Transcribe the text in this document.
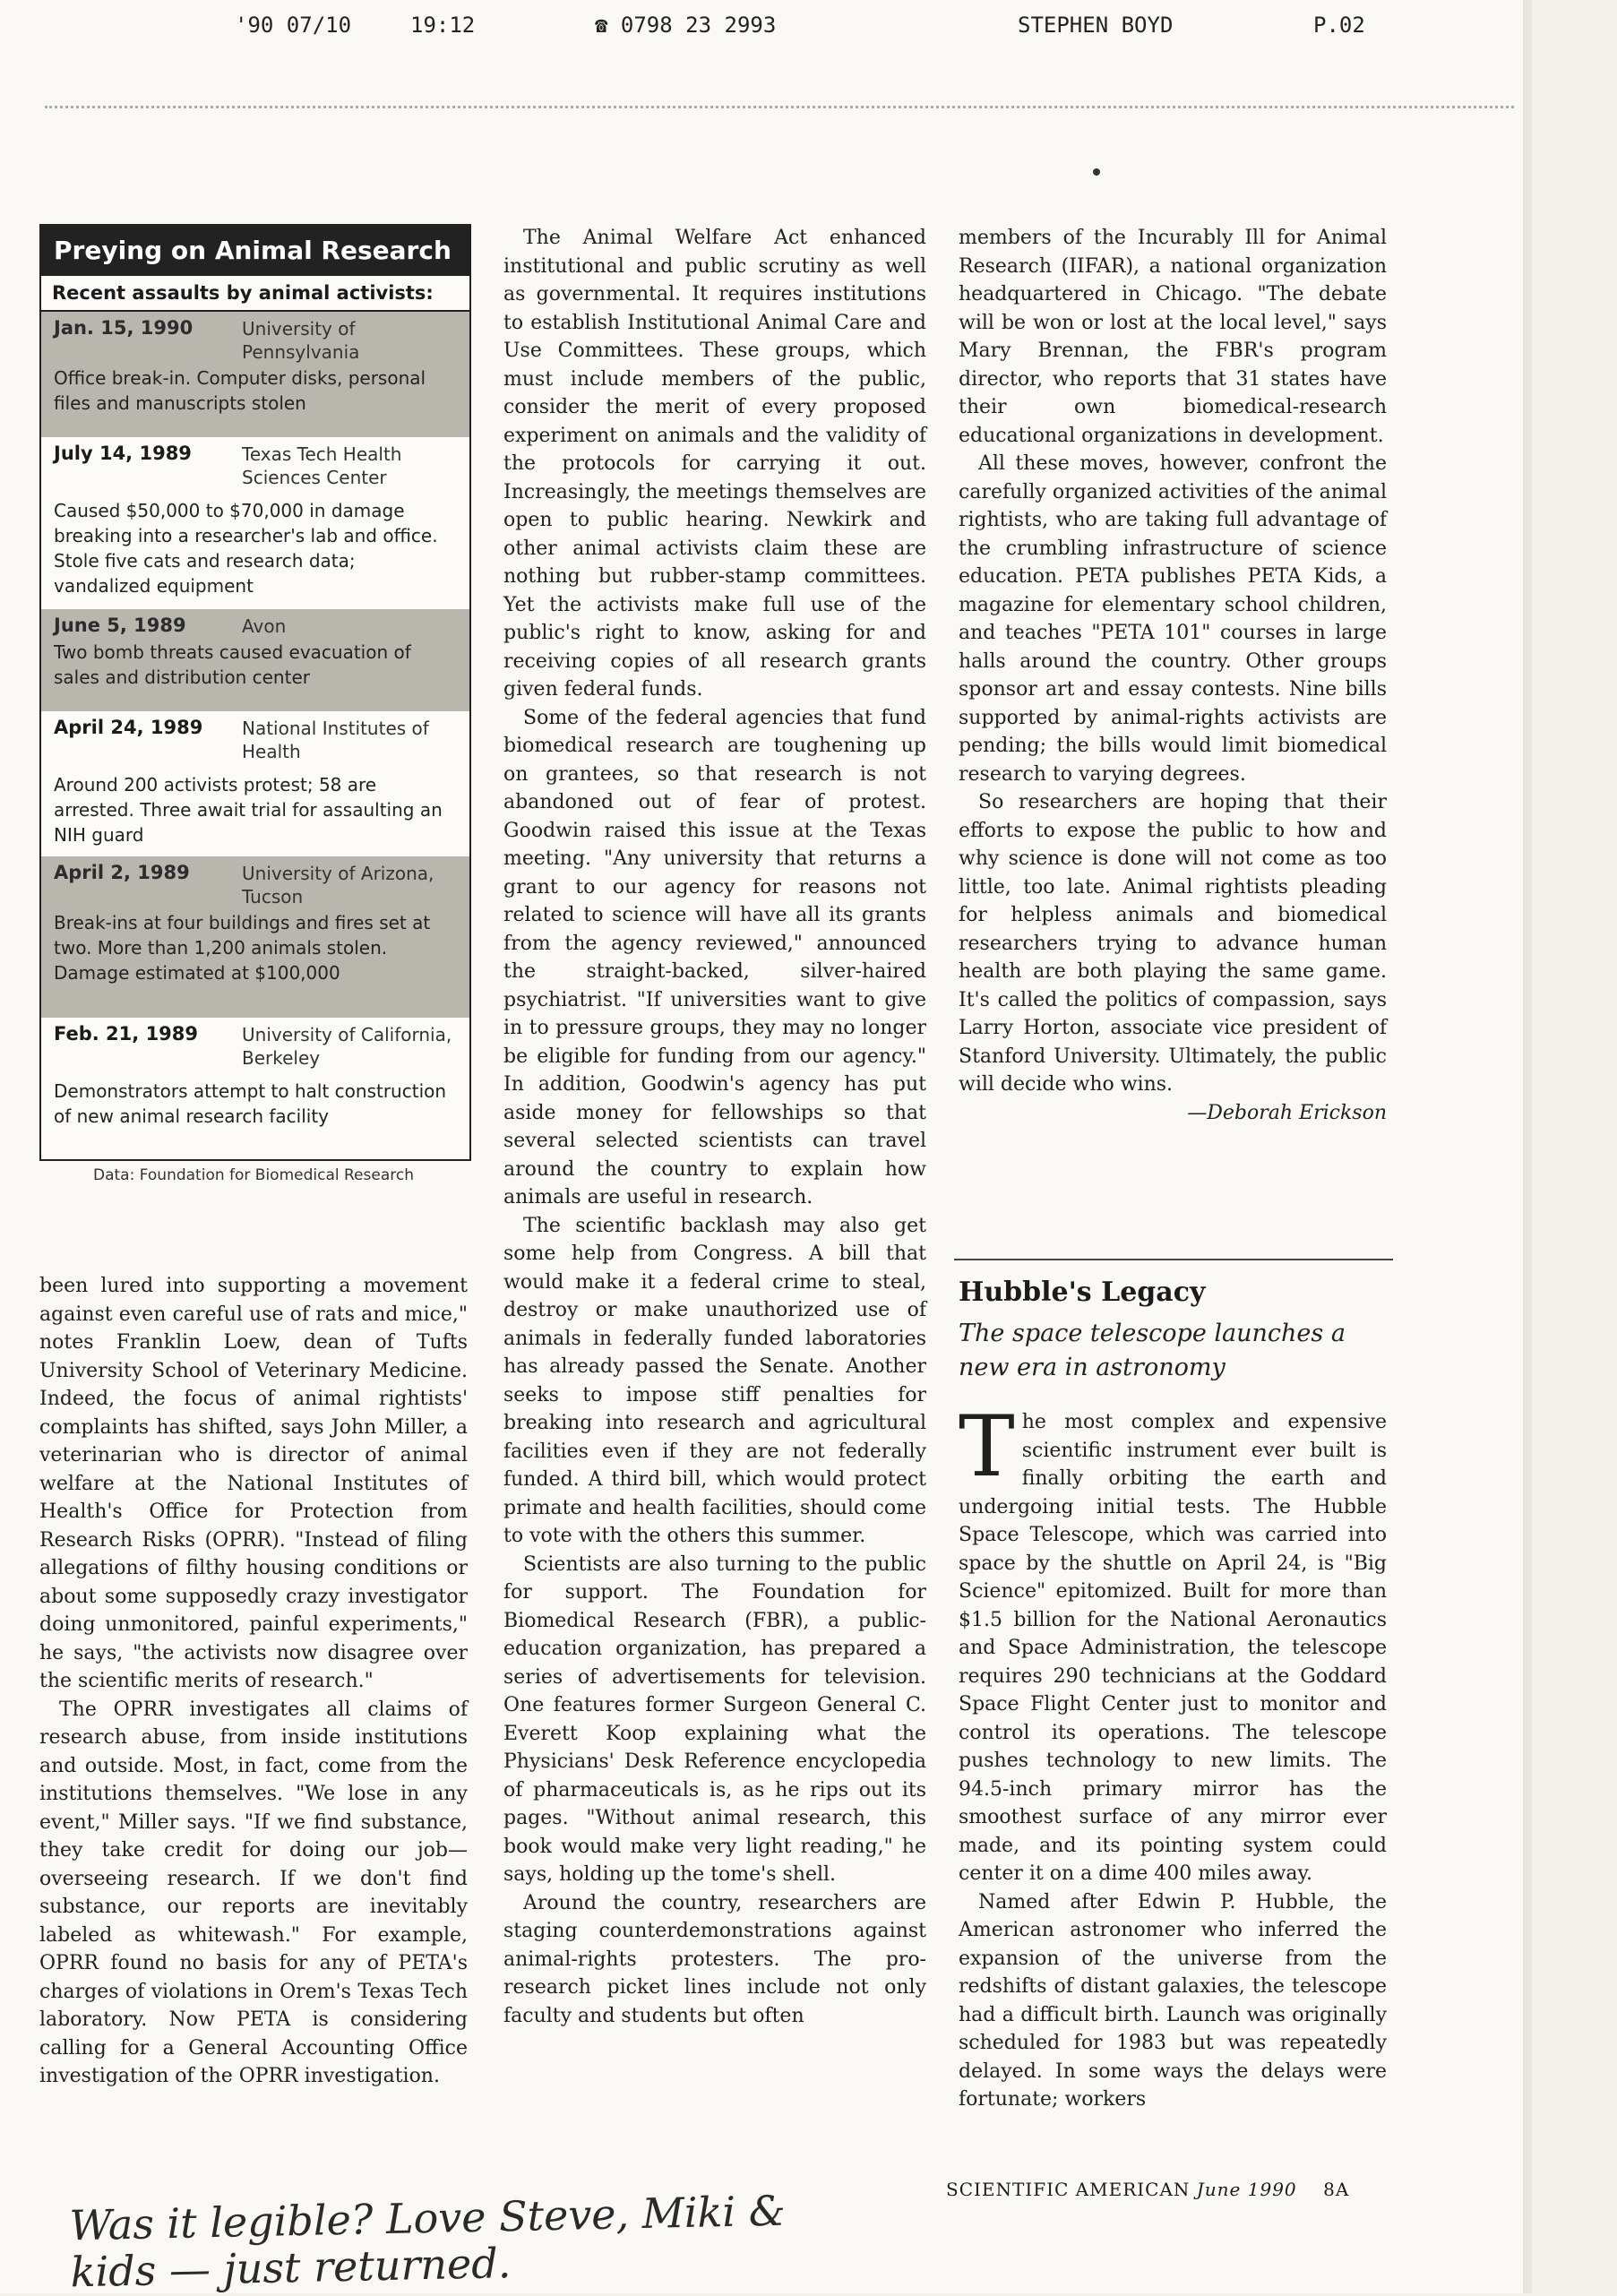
'90 07/10	19:12	☎ 0798 23 2993	STEPHEN BOYD	P.02
Preying on Animal Research
Recent assaults by animal activists:
Jan. 15, 1990	University of Pennsylvania
Office break-in. Computer disks, personal files and manuscripts stolen
July 14, 1989	Texas Tech Health Sciences Center
Caused $50,000 to $70,000 in damage breaking into a researcher's lab and office. Stole five cats and research data; vandalized equipment
June 5, 1989	Avon
Two bomb threats caused evacuation of sales and distribution center
April 24, 1989	National Institutes of Health
Around 200 activists protest; 58 are arrested. Three await trial for assaulting an NIH guard
April 2, 1989	University of Arizona, Tucson
Break-ins at four buildings and fires set at two. More than 1,200 animals stolen. Damage estimated at $100,000
Feb. 21, 1989	University of California, Berkeley
Demonstrators attempt to halt construction of new animal research facility
Data: Foundation for Biomedical Research

been lured into supporting a movement against even careful use of rats and mice," notes Franklin Loew, dean of Tufts University School of Veterinary Medicine. Indeed, the focus of animal rightists' complaints has shifted, says John Miller, a veterinarian who is director of animal welfare at the National Institutes of Health's Office for Protection from Research Risks (OPRR). "Instead of filing allegations of filthy housing conditions or about some supposedly crazy investigator doing unmonitored, painful experiments," he says, "the activists now disagree over the scientific merits of research."

The OPRR investigates all claims of research abuse, from inside institutions and outside. Most, in fact, come from the institutions themselves. "We lose in any event," Miller says. "If we find substance, they take credit for doing our job—overseeing research. If we don't find substance, our reports are inevitably labeled as whitewash." For example, OPRR found no basis for any of PETA's charges of violations in Orem's Texas Tech laboratory. Now PETA is considering calling for a General Accounting Office investigation of the OPRR investigation.

The Animal Welfare Act enhanced institutional and public scrutiny as well as governmental. It requires institutions to establish Institutional Animal Care and Use Committees. These groups, which must include members of the public, consider the merit of every proposed experiment on animals and the validity of the protocols for carrying it out. Increasingly, the meetings themselves are open to public hearing. Newkirk and other animal activists claim these are nothing but rubber-stamp committees. Yet the activists make full use of the public's right to know, asking for and receiving copies of all research grants given federal funds.

Some of the federal agencies that fund biomedical research are toughening up on grantees, so that research is not abandoned out of fear of protest. Goodwin raised this issue at the Texas meeting. "Any university that returns a grant to our agency for reasons not related to science will have all its grants from the agency reviewed," announced the straight-backed, silver-haired psychiatrist. "If universities want to give in to pressure groups, they may no longer be eligible for funding from our agency." In addition, Goodwin's agency has put aside money for fellowships so that several selected scientists can travel around the country to explain how animals are useful in research.

The scientific backlash may also get some help from Congress. A bill that would make it a federal crime to steal, destroy or make unauthorized use of animals in federally funded laboratories has already passed the Senate. Another seeks to impose stiff penalties for breaking into research and agricultural facilities even if they are not federally funded. A third bill, which would protect primate and health facilities, should come to vote with the others this summer.

Scientists are also turning to the public for support. The Foundation for Biomedical Research (FBR), a public-education organization, has prepared a series of advertisements for television. One features former Surgeon General C. Everett Koop explaining what the Physicians' Desk Reference encyclopedia of pharmaceuticals is, as he rips out its pages. "Without animal research, this book would make very light reading," he says, holding up the tome's shell.

Around the country, researchers are staging counterdemonstrations against animal-rights protesters. The pro-research picket lines include not only faculty and students but often

members of the Incurably Ill for Animal Research (IIFAR), a national organization headquartered in Chicago. "The debate will be won or lost at the local level," says Mary Brennan, the FBR's program director, who reports that 31 states have their own biomedical-research educational organizations in development.

All these moves, however, confront the carefully organized activities of the animal rightists, who are taking full advantage of the crumbling infrastructure of science education. PETA publishes PETA Kids, a magazine for elementary school children, and teaches "PETA 101" courses in large halls around the country. Other groups sponsor art and essay contests. Nine bills supported by animal-rights activists are pending; the bills would limit biomedical research to varying degrees.

So researchers are hoping that their efforts to expose the public to how and why science is done will not come as too little, too late. Animal rightists pleading for helpless animals and biomedical researchers trying to advance human health are both playing the same game. It's called the politics of compassion, says Larry Horton, associate vice president of Stanford University. Ultimately, the public will decide who wins.

—Deborah Erickson

Hubble's Legacy
The space telescope launches a new era in astronomy

The most complex and expensive scientific instrument ever built is finally orbiting the earth and undergoing initial tests. The Hubble Space Telescope, which was carried into space by the shuttle on April 24, is "Big Science" epitomized. Built for more than $1.5 billion for the National Aeronautics and Space Administration, the telescope requires 290 technicians at the Goddard Space Flight Center just to monitor and control its operations. The telescope pushes technology to new limits. The 94.5-inch primary mirror has the smoothest surface of any mirror ever made, and its pointing system could center it on a dime 400 miles away.

Named after Edwin P. Hubble, the American astronomer who inferred the expansion of the universe from the redshifts of distant galaxies, the telescope had a difficult birth. Launch was originally scheduled for 1983 but was repeatedly delayed. In some ways the delays were fortunate; workers

SCIENTIFIC AMERICAN June 1990 8A
Was it legible? Love Steve, Miki &
kids — just returned.
